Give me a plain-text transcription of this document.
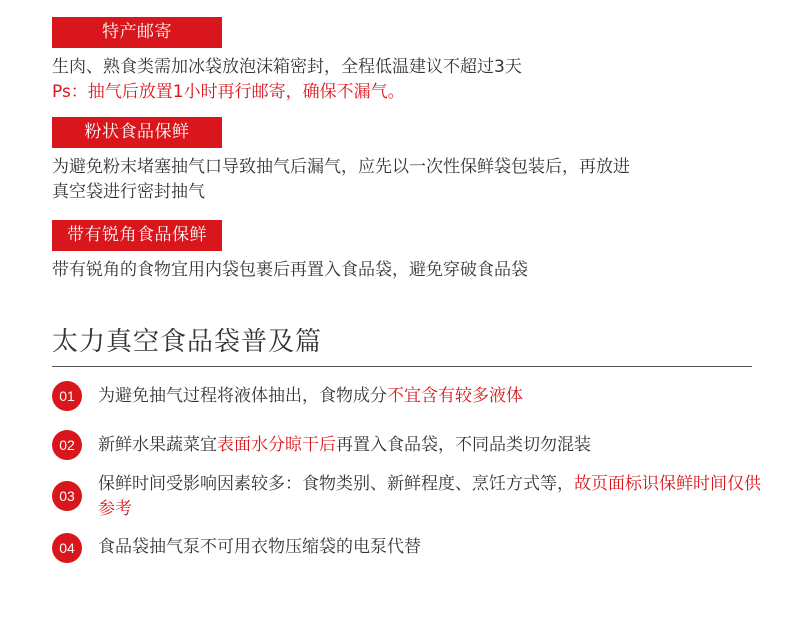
特产邮寄
生肉、熟食类需加冰袋放泡沫箱密封，全程低温建议不超过3天
Ps：抽气后放置1小时再行邮寄，确保不漏气。
粉状食品保鲜
为避免粉末堵塞抽气口导致抽气后漏气，应先以一次性保鲜袋包装后，再放进
真空袋进行密封抽气
带有锐角食品保鲜
带有锐角的食物宜用内袋包裹后再置入食品袋，避免穿破食品袋
太力真空食品袋普及篇
01	为避免抽气过程将液体抽出，食物成分不宜含有较多液体
02	新鲜水果蔬菜宜表面水分晾干后再置入食品袋，不同品类切勿混装
03
保鲜时间受影响因素较多：食物类别、新鲜程度、烹饪方式等，故页面标识保鲜时间仅供参考
04	食品袋抽气泵不可用衣物压缩袋的电泵代替
